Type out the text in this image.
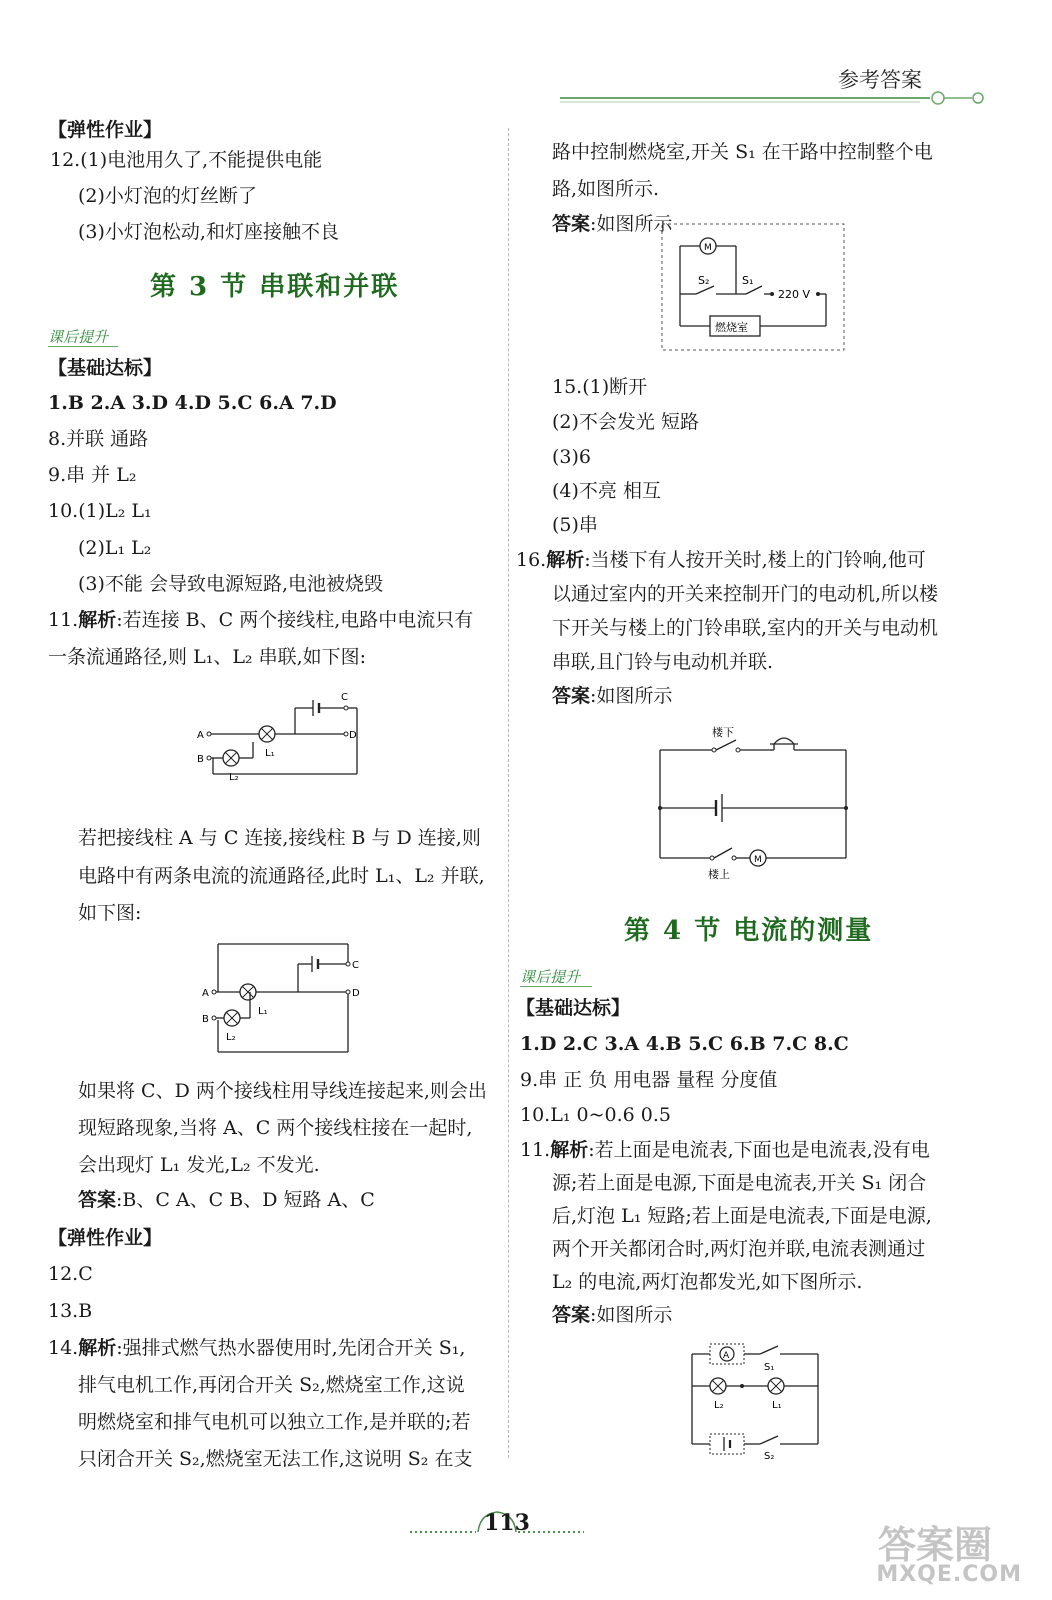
参考答案
【弹性作业】
12.(1)电池用久了,不能提供电能
(2)小灯泡的灯丝断了
(3)小灯泡松动,和灯座接触不良
第 3 节 串联和并联
课后提升
【基础达标】
1.B 2.A 3.D 4.D 5.C 6.A 7.D
8.并联 通路
9.串 并 L₂
10.(1)L₂ L₁
(2)L₁ L₂
(3)不能 会导致电源短路,电池被烧毁
11.解析:若连接 B、C 两个接线柱,电路中电流只有
一条流通路径,则 L₁、L₂ 串联,如下图:
C
A
L₁
D
B
L₂
若把接线柱 A 与 C 连接,接线柱 B 与 D 连接,则
电路中有两条电流的流通路径,此时 L₁、L₂ 并联,
如下图:
C
A
L₁
D
B
L₂
如果将 C、D 两个接线柱用导线连接起来,则会出
现短路现象,当将 A、C 两个接线柱接在一起时,
会出现灯 L₁ 发光,L₂ 不发光.
答案:B、C A、C B、D 短路 A、C
【弹性作业】
12.C
13.B
14.解析:强排式燃气热水器使用时,先闭合开关 S₁,
排气电机工作,再闭合开关 S₂,燃烧室工作,这说
明燃烧室和排气电机可以独立工作,是并联的;若
只闭合开关 S₂,燃烧室无法工作,这说明 S₂ 在支
路中控制燃烧室,开关 S₁ 在干路中控制整个电
路,如图所示.
答案:如图所示
M
S₂	S₁
220 V
燃烧室
15.(1)断开
(2)不会发光 短路
(3)6
(4)不亮 相互
(5)串
16.解析:当楼下有人按开关时,楼上的门铃响,他可
以通过室内的开关来控制开门的电动机,所以楼
下开关与楼上的门铃串联,室内的开关与电动机
串联,且门铃与电动机并联.
答案:如图所示
楼下
M
楼上
第 4 节 电流的测量
课后提升
【基础达标】
1.D 2.C 3.A 4.B 5.C 6.B 7.C 8.C
9.串 正 负 用电器 量程 分度值
10.L₁ 0~0.6 0.5
11.解析:若上面是电流表,下面也是电流表,没有电
源;若上面是电源,下面是电流表,开关 S₁ 闭合
后,灯泡 L₁ 短路;若上面是电流表,下面是电源,
两个开关都闭合时,两灯泡并联,电流表测通过
L₂ 的电流,两灯泡都发光,如下图所示.
答案:如图所示
A
S₁
L₂	L₁
S₂
113	答案圈
MXQE.COM
